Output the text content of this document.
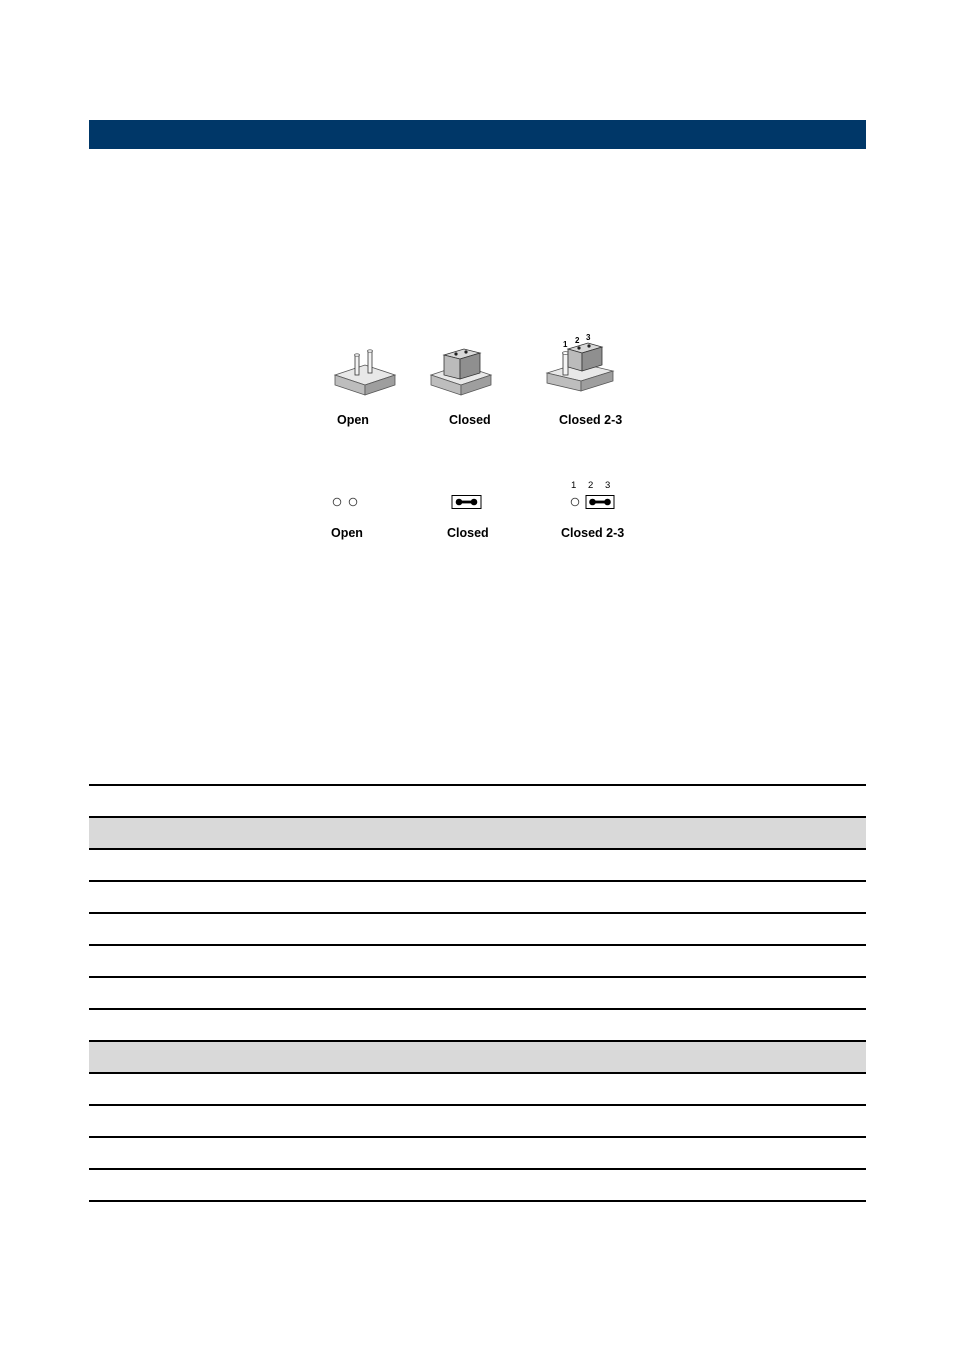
1 2 3
Open	Closed	Closed 2-3
1 2 3
Open	Closed	Closed 2-3
